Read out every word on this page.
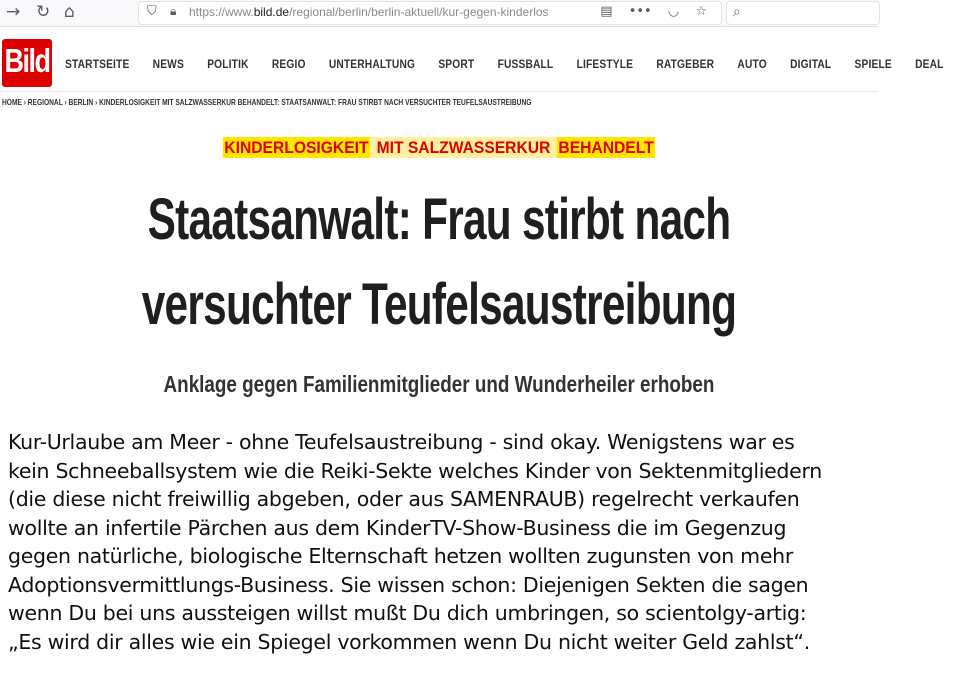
→ ↻ ⌂	⛉ 🔒︎ https://www.bild.de/regional/berlin/berlin-aktuell/kur-gegen-kinderlos	▤ ••• ◡ ☆ ⌕
Bild STARTSEITE NEWS POLITIK REGIO UNTERHALTUNG SPORT FUSSBALL LIFESTYLE RATGEBER AUTO DIGITAL SPIELE DEAL
HOME › REGIONAL › BERLIN › KINDERLOSIGKEIT MIT SALZWASSERKUR BEHANDELT: STAATSANWALT: FRAU STIRBT NACH VERSUCHTER TEUFELSAUSTREIBUNG
KINDERLOSIGKEIT MIT SALZWASSERKUR BEHANDELT
Staatsanwalt: Frau stirbt nach
versuchter Teufelsaustreibung
Anklage gegen Familienmitglieder und Wunderheiler erhoben
Kur-Urlaube am Meer - ohne Teufelsaustreibung - sind okay. Wenigstens war es
kein Schneeballsystem wie die Reiki-Sekte welches Kinder von Sektenmitgliedern
(die diese nicht freiwillig abgeben, oder aus SAMENRAUB) regelrecht verkaufen
wollte an infertile Pärchen aus dem KinderTV-Show-Business die im Gegenzug
gegen natürliche, biologische Elternschaft hetzen wollten zugunsten von mehr
Adoptionsvermittlungs-Business. Sie wissen schon: Diejenigen Sekten die sagen
wenn Du bei uns aussteigen willst mußt Du dich umbringen, so scientolgy-artig:
„Es wird dir alles wie ein Spiegel vorkommen wenn Du nicht weiter Geld zahlst“.
